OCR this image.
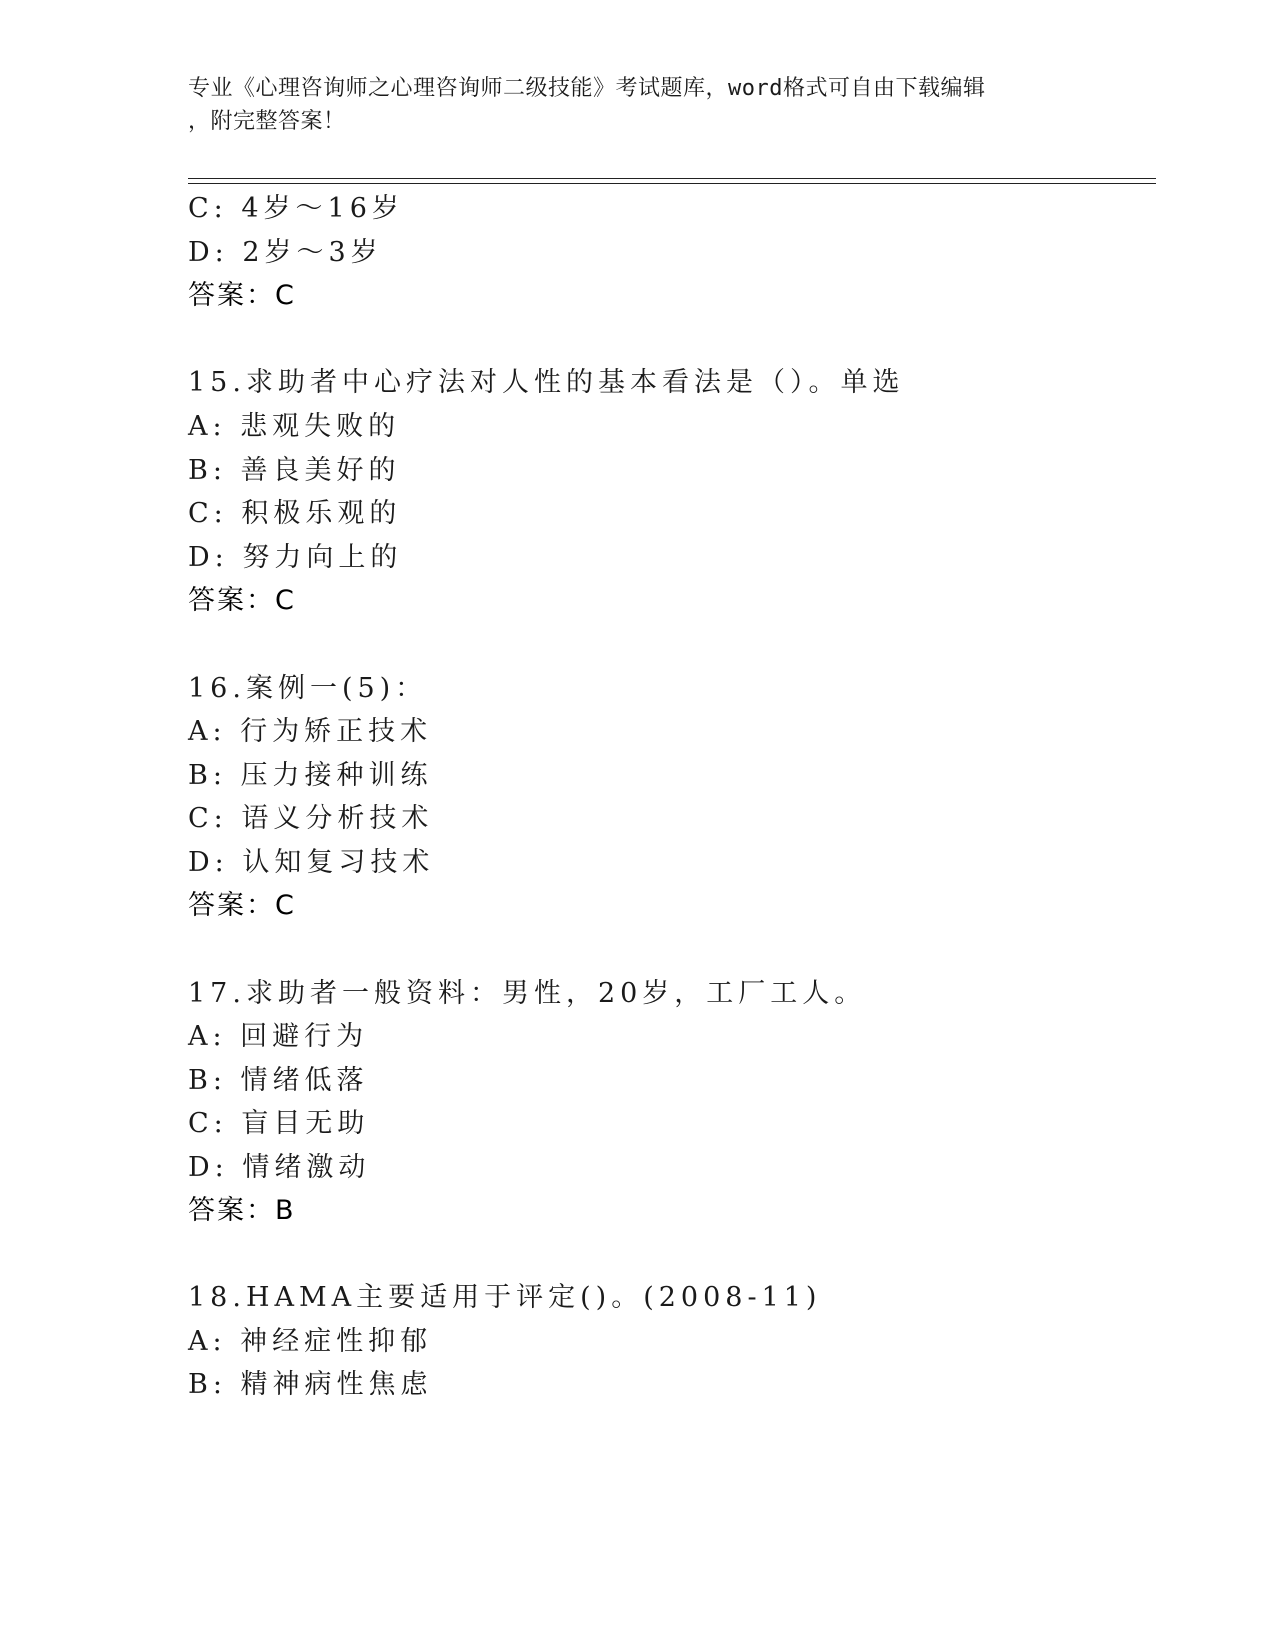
专业《心理咨询师之心理咨询师二级技能》考试题库，word格式可自由下载编辑
，附完整答案！
C: 4岁～16岁
D: 2岁～3岁
答案：C
15.求助者中心疗法对人性的基本看法是（）。单选
A: 悲观失败的
B: 善良美好的
C: 积极乐观的
D: 努力向上的
答案：C
16.案例一(5)：
A: 行为矫正技术
B: 压力接种训练
C: 语义分析技术
D: 认知复习技术
答案：C
17.求助者一般资料：男性，20岁，工厂工人。
A: 回避行为
B: 情绪低落
C: 盲目无助
D: 情绪激动
答案：B
18.HAMA主要适用于评定()。(2008-11)
A: 神经症性抑郁
B: 精神病性焦虑
